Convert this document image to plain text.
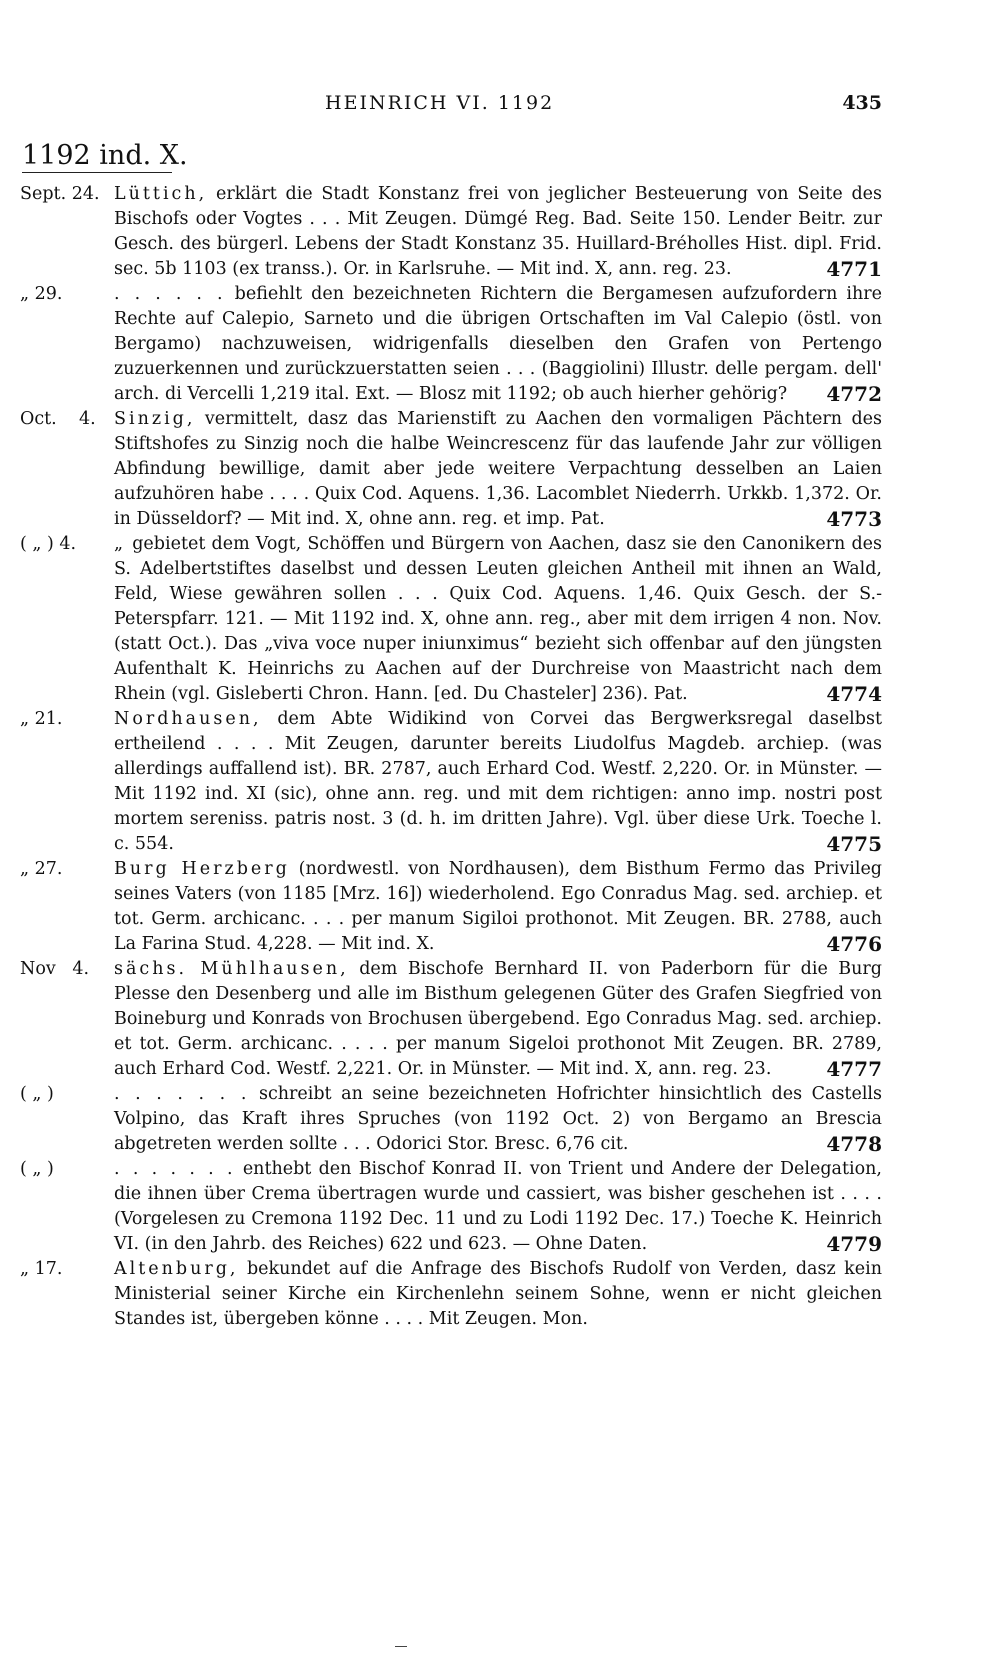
HEINRICH VI. 1192	435
1192 ind. X.
Sept. 24. Lüttich, erklärt die Stadt Konstanz frei von jeglicher Besteuerung von Seite des Bischofs oder Vogtes . . . Mit Zeugen. Dümgé Reg. Bad. Seite 150. Lender Beitr. zur Gesch. des bürgerl. Lebens der Stadt Konstanz 35. Huillard-Bréholles Hist. dipl. Frid. sec. 5b 1103 (ex transs.). Or. in Karlsruhe. — Mit ind. X, ann. reg. 23.	4771
„ 29.	. . . . . . befiehlt den bezeichneten Richtern die Bergamesen aufzufordern ihre Rechte auf Calepio, Sarneto und die übrigen Ortschaften im Val Calepio (östl. von Bergamo) nachzuweisen, widrigenfalls dieselben den Grafen von Pertengo zuzuerkennen und zurückzuerstatten seien . . . (Baggiolini) Illustr. delle pergam. dell' arch. di Vercelli 1,219 ital. Ext. — Blosz mit 1192; ob auch hierher gehörig?	4772
Oct.    4.	Sinzig, vermittelt, dasz das Marienstift zu Aachen den vormaligen Pächtern des Stiftshofes zu Sinzig noch die halbe Weincrescenz für das laufende Jahr zur völligen Abfindung bewillige, damit aber jede weitere Verpachtung desselben an Laien aufzuhören habe . . . . Quix Cod. Aquens. 1,36. Lacomblet Niederrh. Urkkb. 1,372. Or. in Düsseldorf? — Mit ind. X, ohne ann. reg. et imp. Pat.	4773
( „ ) 4.	„ gebietet dem Vogt, Schöffen und Bürgern von Aachen, dasz sie den Canonikern des S. Adelbertstiftes daselbst und dessen Leuten gleichen Antheil mit ihnen an Wald, Feld, Wiese gewähren sollen . . . Quix Cod. Aquens. 1,46. Quix Gesch. der S.-Peterspfarr. 121. — Mit 1192 ind. X, ohne ann. reg., aber mit dem irrigen 4 non. Nov. (statt Oct.). Das „viva voce nuper iniunximus“ bezieht sich offenbar auf den jüngsten Aufenthalt K. Heinrichs zu Aachen auf der Durchreise von Maastricht nach dem Rhein (vgl. Gisleberti Chron. Hann. [ed. Du Chasteler] 236). Pat.	4774
„ 21.	Nordhausen, dem Abte Widikind von Corvei das Bergwerksregal daselbst ertheilend . . . . Mit Zeugen, darunter bereits Liudolfus Magdeb. archiep. (was allerdings auffallend ist). BR. 2787, auch Erhard Cod. Westf. 2,220. Or. in Münster. — Mit 1192 ind. XI (sic), ohne ann. reg. und mit dem richtigen: anno imp. nostri post mortem sereniss. patris nost. 3 (d. h. im dritten Jahre). Vgl. über diese Urk. Toeche l. c. 554.	4775
„ 27.	Burg Herzberg (nordwestl. von Nordhausen), dem Bisthum Fermo das Privileg seines Vaters (von 1185 [Mrz. 16]) wiederholend. Ego Conradus Mag. sed. archiep. et tot. Germ. archicanc. . . . per manum Sigiloi prothonot. Mit Zeugen. BR. 2788, auch La Farina Stud. 4,228. — Mit ind. X.	4776
Nov   4.	sächs. Mühlhausen, dem Bischofe Bernhard II. von Paderborn für die Burg Plesse den Desenberg und alle im Bisthum gelegenen Güter des Grafen Siegfried von Boineburg und Konrads von Brochusen übergebend. Ego Conradus Mag. sed. archiep. et tot. Germ. archicanc. . . . . per manum Sigeloi prothonot Mit Zeugen. BR. 2789, auch Erhard Cod. Westf. 2,221. Or. in Münster. — Mit ind. X, ann. reg. 23.	4777
( „ )	. . . . . . . schreibt an seine bezeichneten Hofrichter hinsichtlich des Castells Volpino, das Kraft ihres Spruches (von 1192 Oct. 2) von Bergamo an Brescia abgetreten werden sollte . . . Odorici Stor. Bresc. 6,76 cit.	4778
( „ )	. . . . . . . enthebt den Bischof Konrad II. von Trient und Andere der Delegation, die ihnen über Crema übertragen wurde und cassiert, was bisher geschehen ist . . . . (Vorgelesen zu Cremona 1192 Dec. 11 und zu Lodi 1192 Dec. 17.) Toeche K. Heinrich VI. (in den Jahrb. des Reiches) 622 und 623. — Ohne Daten.	4779
„ 17.	Altenburg, bekundet auf die Anfrage des Bischofs Rudolf von Verden, dasz kein Ministerial seiner Kirche ein Kirchenlehn seinem Sohne, wenn er nicht gleichen Standes ist, übergeben könne . . . . Mit Zeugen. Mon.
